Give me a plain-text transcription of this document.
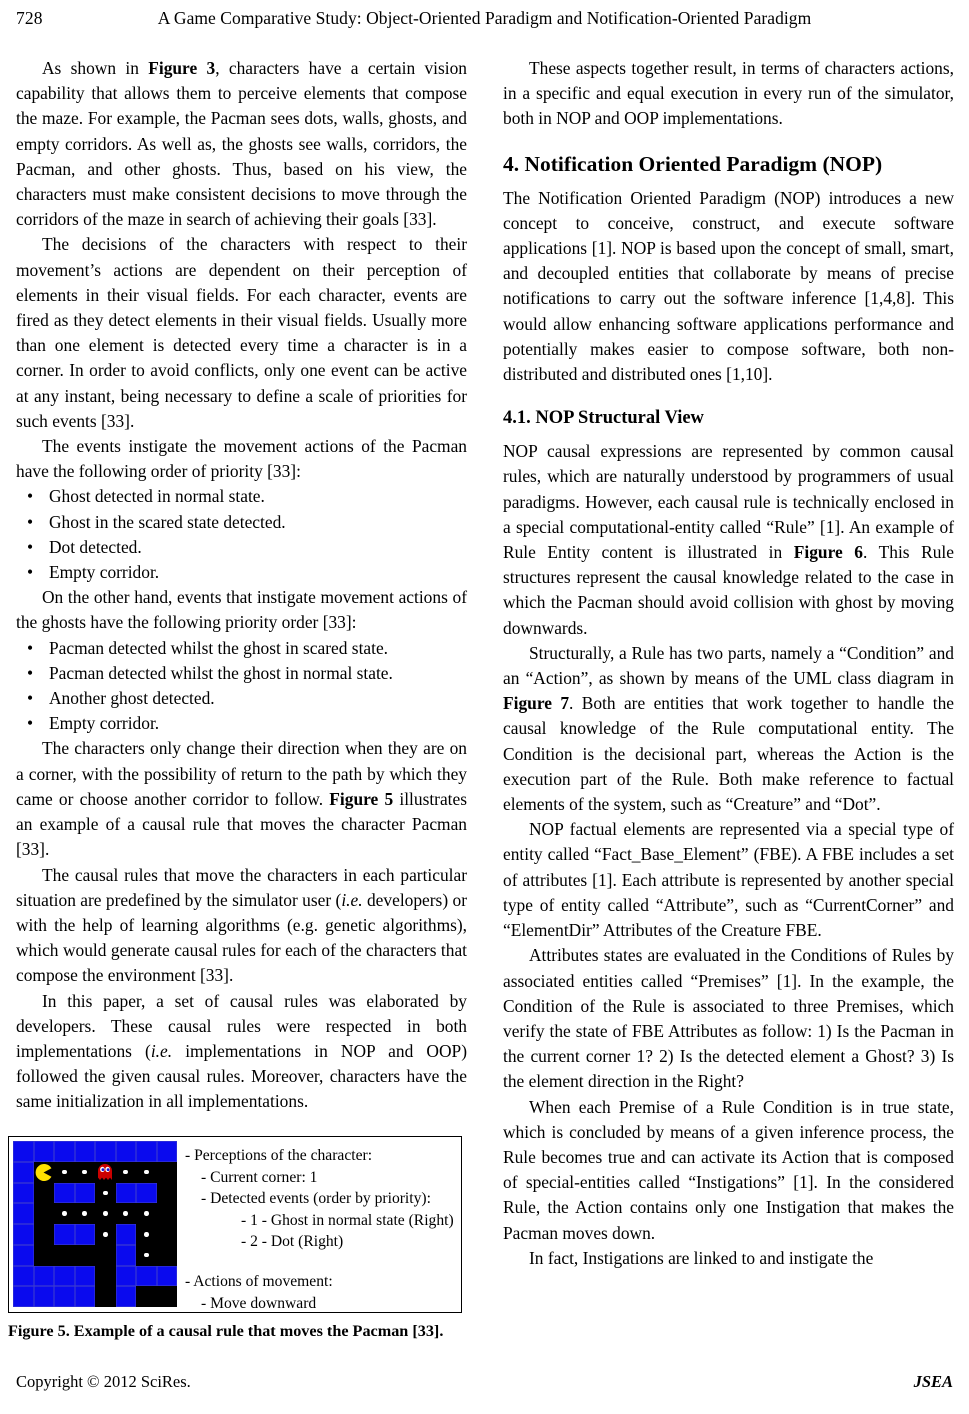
728	A Game Comparative Study: Object-Oriented Paradigm and Notification-Oriented Paradigm

As shown in Figure 3, characters have a certain vision capability that allows them to perceive elements that compose the maze. For example, the Pacman sees dots, walls, ghosts, and empty corridors. As well as, the ghosts see walls, corridors, the Pacman, and other ghosts. Thus, based on his view, the characters must make consistent decisions to move through the corridors of the maze in search of achieving their goals [33].

The decisions of the characters with respect to their movement’s actions are dependent on their perception of elements in their visual fields. For each character, events are fired as they detect elements in their visual fields. Usually more than one element is detected every time a character is in a corner. In order to avoid conflicts, only one event can be active at any instant, being necessary to define a scale of priorities for such events [33].

The events instigate the movement actions of the Pacman have the following order of priority [33]:

• Ghost detected in normal state.
• Ghost in the scared state detected.
• Dot detected.
• Empty corridor.

On the other hand, events that instigate movement actions of the ghosts have the following priority order [33]:

• Pacman detected whilst the ghost in scared state.
• Pacman detected whilst the ghost in normal state.
• Another ghost detected.
• Empty corridor.

The characters only change their direction when they are on a corner, with the possibility of return to the path by which they came or choose another corridor to follow. Figure 5 illustrates an example of a causal rule that moves the character Pacman [33].

The causal rules that move the characters in each particular situation are predefined by the simulator user (i.e. developers) or with the help of learning algorithms (e.g. genetic algorithms), which would generate causal rules for each of the characters that compose the environment [33].

In this paper, a set of causal rules was elaborated by developers. These causal rules were respected in both implementations (i.e. implementations in NOP and OOP) followed the given causal rules. Moreover, characters have the same initialization in all implementations.

These aspects together result, in terms of characters actions, in a specific and equal execution in every run of the simulator, both in NOP and OOP implementations.

4. Notification Oriented Paradigm (NOP)

The Notification Oriented Paradigm (NOP) introduces a new concept to conceive, construct, and execute software applications [1]. NOP is based upon the concept of small, smart, and decoupled entities that collaborate by means of precise notifications to carry out the software inference [1,4,8]. This would allow enhancing software applications performance and potentially makes easier to compose software, both non-distributed and distributed ones [1,10].

4.1. NOP Structural View

NOP causal expressions are represented by common causal rules, which are naturally understood by programmers of usual paradigms. However, each causal rule is technically enclosed in a special computational-entity called “Rule” [1]. An example of Rule Entity content is illustrated in Figure 6. This Rule structures represent the causal knowledge related to the case in which the Pacman should avoid collision with ghost by moving downwards.

Structurally, a Rule has two parts, namely a “Condition” and an “Action”, as shown by means of the UML class diagram in Figure 7. Both are entities that work together to handle the causal knowledge of the Rule computational entity. The Condition is the decisional part, whereas the Action is the execution part of the Rule. Both make reference to factual elements of the system, such as “Creature” and “Dot”.

NOP factual elements are represented via a special type of entity called “Fact_Base_Element” (FBE). A FBE includes a set of attributes [1]. Each attribute is represented by another special type of entity called “Attribute”, such as “CurrentCorner” and “ElementDir” Attributes of the Creature FBE.

Attributes states are evaluated in the Conditions of Rules by associated entities called “Premises” [1]. In the example, the Condition of the Rule is associated to three Premises, which verify the state of FBE Attributes as follow: 1) Is the Pacman in the current corner 1? 2) Is the detected element a Ghost? 3) Is the element direction in the Right?

When each Premise of a Rule Condition is in true state, which is concluded by means of a given inference process, the Rule becomes true and can activate its Action that is composed of special-entities called “Instigations” [1]. In the considered Rule, the Action contains only one Instigation that makes the Pacman moves down.

In fact, Instigations are linked to and instigate the

- Perceptions of the character:
- Current corner: 1
- Detected events (order by priority):
- 1 - Ghost in normal state (Right)
- 2 - Dot (Right)
- Actions of movement:
- Move downward
Figure 5. Example of a causal rule that moves the Pacman [33].
Copyright © 2012 SciRes.	JSEA
